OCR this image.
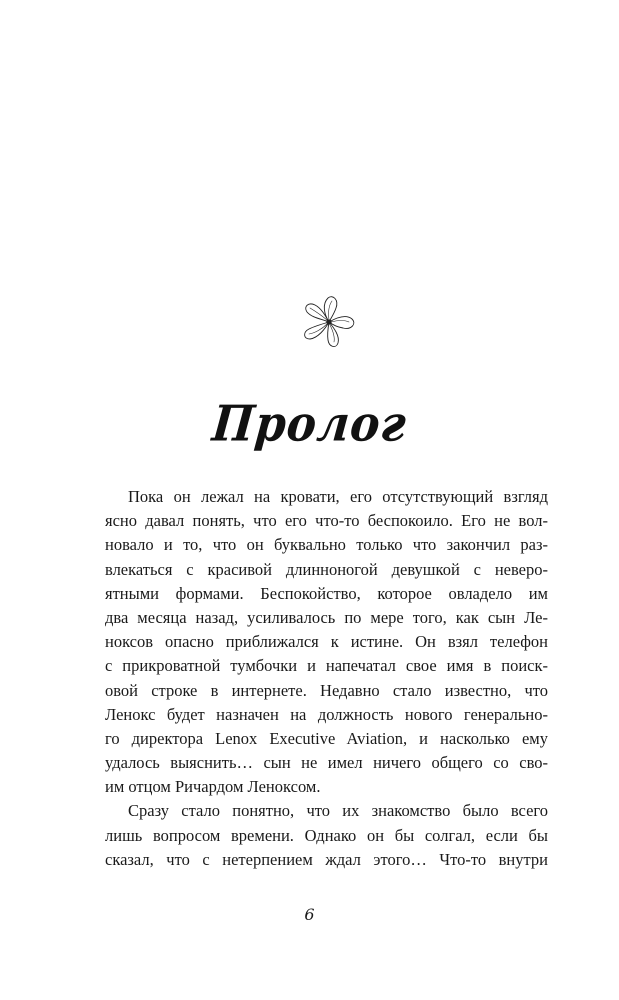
Пролог
Пока он лежал на кровати, его отсутствующий взгляд
ясно давал понять, что его что-то беспокоило. Его не вол-
новало и то, что он буквально только что закончил раз-
влекаться с красивой длинноногой девушкой с неверо-
ятными формами. Беспокойство, которое овладело им
два месяца назад, усиливалось по мере того, как сын Ле-
ноксов опасно приближался к истине. Он взял телефон
с прикроватной тумбочки и напечатал свое имя в поиск-
овой строке в интернете. Недавно стало известно, что
Ленокс будет назначен на должность нового генерально-
го директора Lenox Executive Aviation, и насколько ему
удалось выяснить… сын не имел ничего общего со сво-
им отцом Ричардом Леноксом.
Сразу стало понятно, что их знакомство было всего
лишь вопросом времени. Однако он бы солгал, если бы
сказал, что с нетерпением ждал этого… Что-то внутри
6
